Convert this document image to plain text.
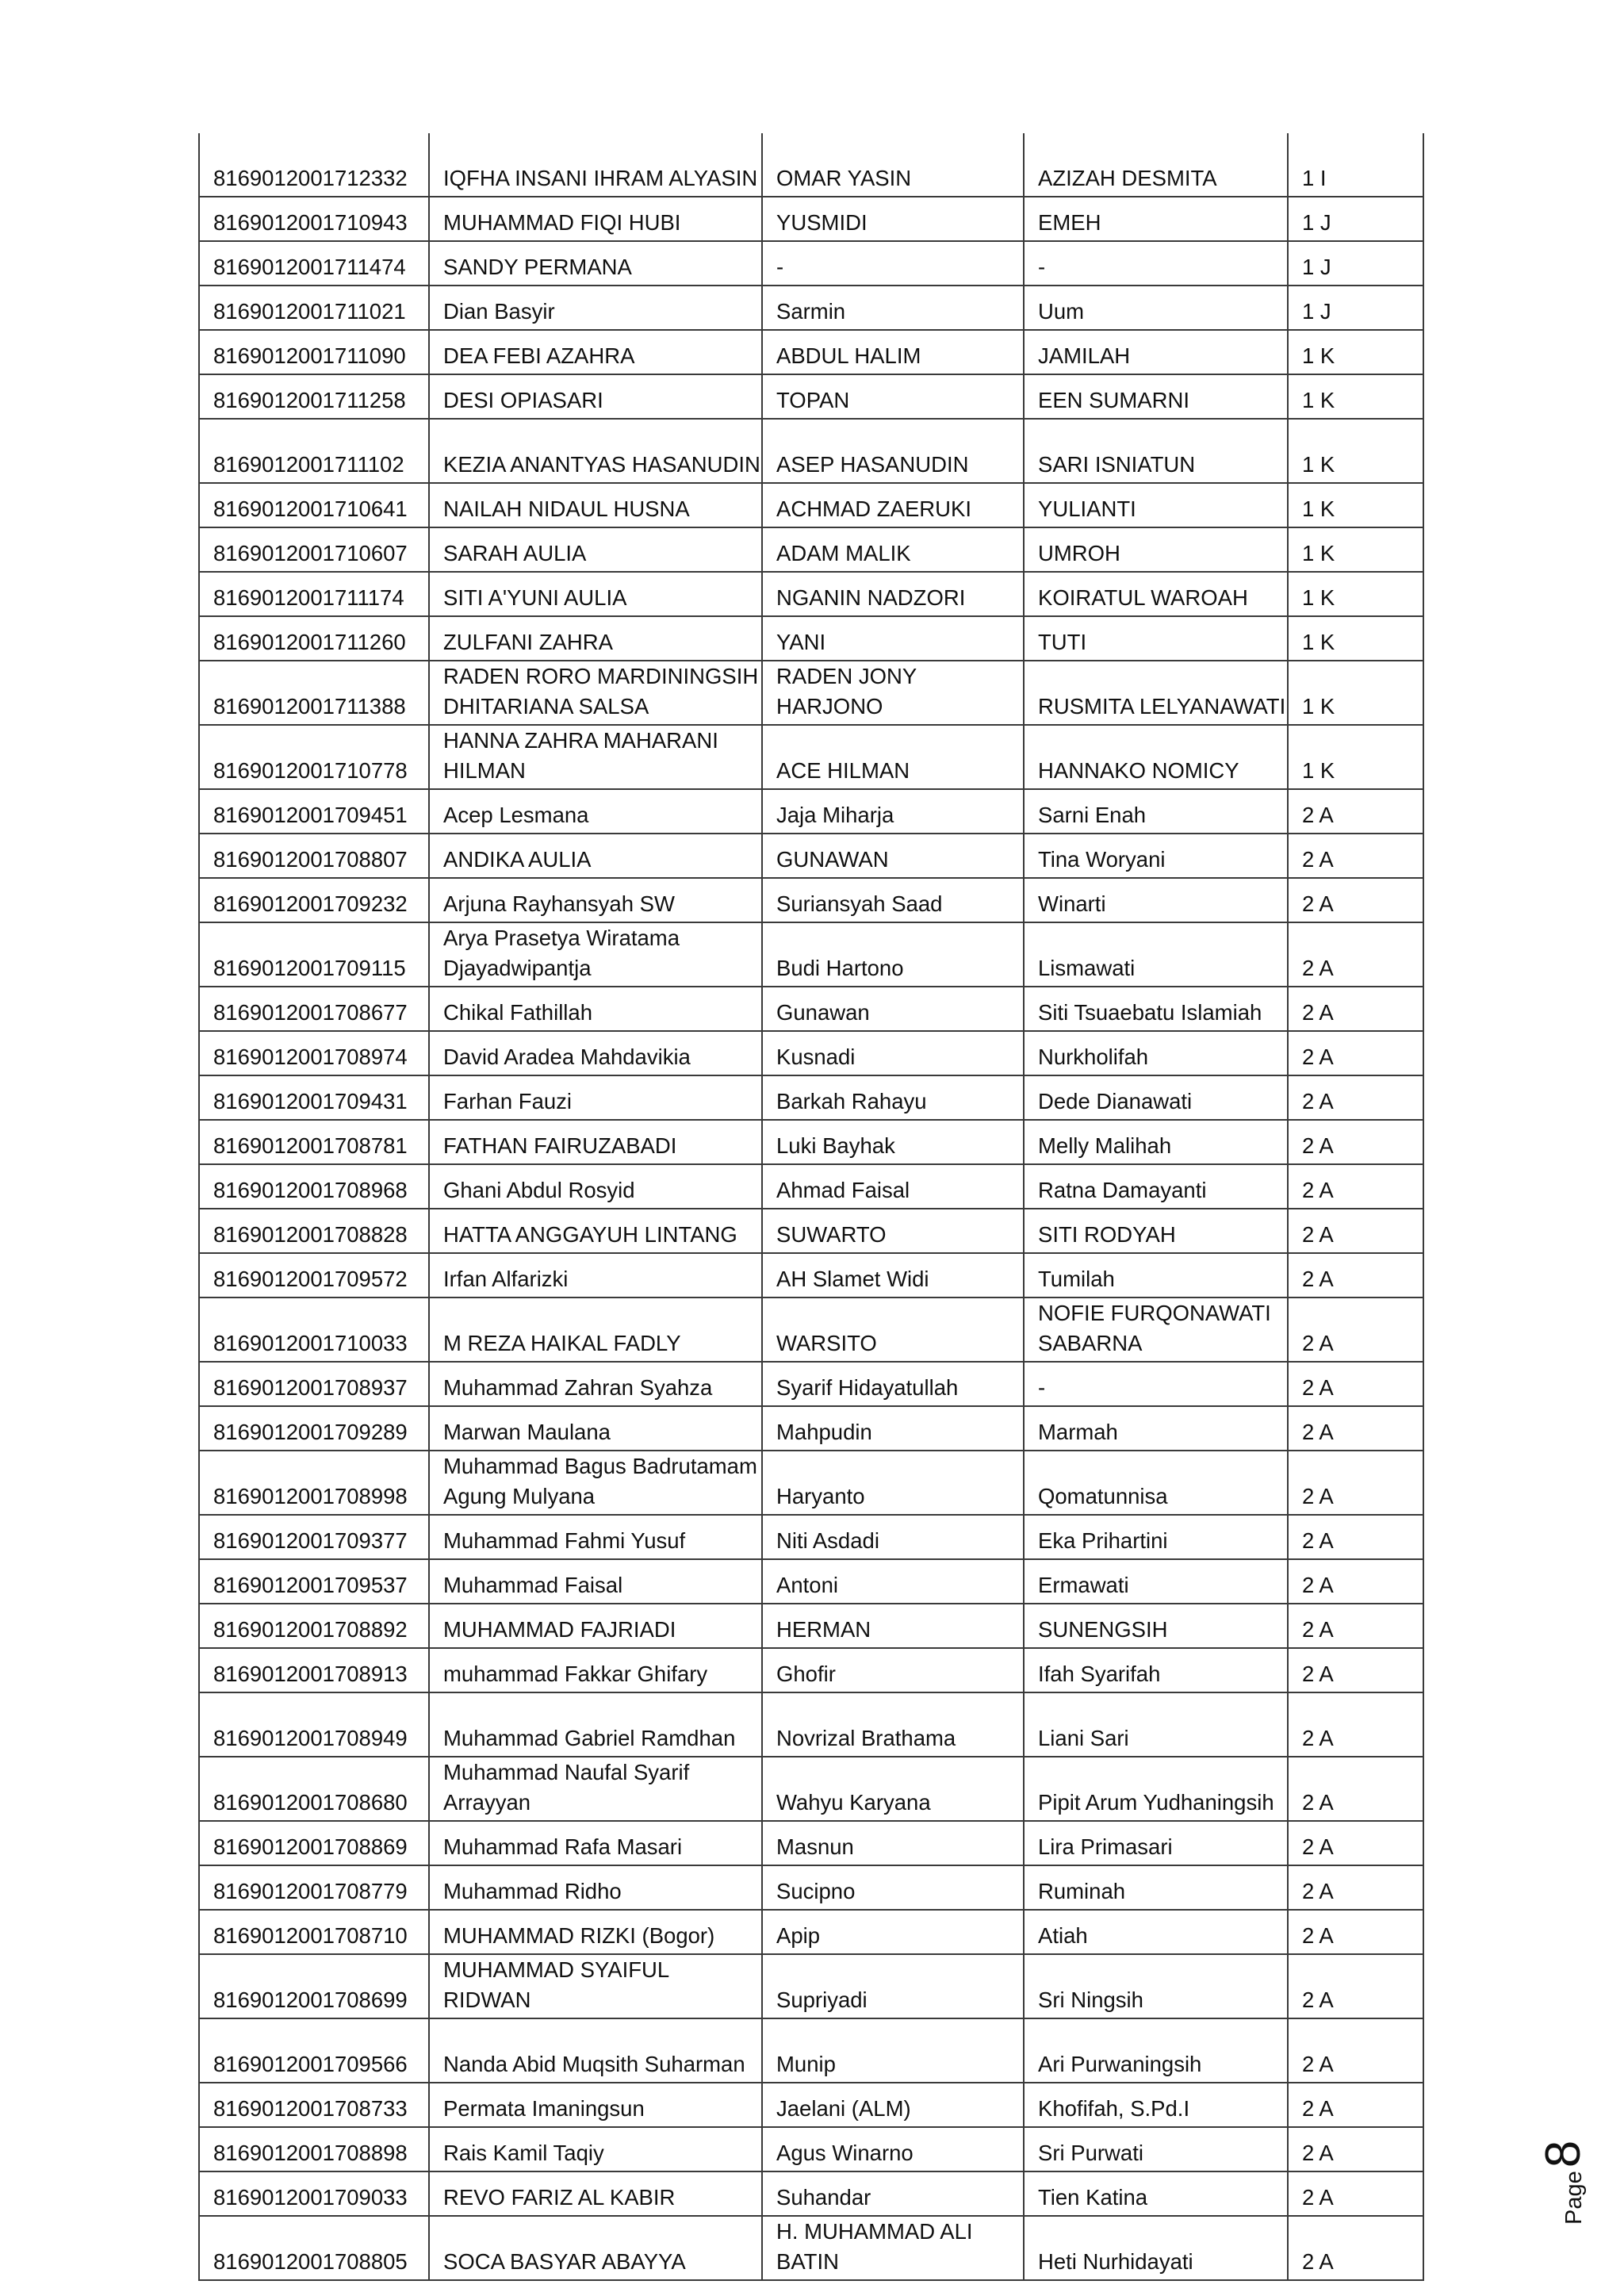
8169012001712332	IQFHA INSANI IHRAM ALYASIN	OMAR YASIN	AZIZAH DESMITA	1 I
8169012001710943	MUHAMMAD FIQI HUBI	YUSMIDI	EMEH	1 J
8169012001711474	SANDY PERMANA	-	-	1 J
8169012001711021	Dian Basyir	Sarmin	Uum	1 J
8169012001711090	DEA FEBI AZAHRA	ABDUL HALIM	JAMILAH	1 K
8169012001711258	DESI OPIASARI	TOPAN	EEN SUMARNI	1 K
8169012001711102	KEZIA ANANTYAS HASANUDIN	ASEP HASANUDIN	SARI ISNIATUN	1 K
8169012001710641	NAILAH NIDAUL HUSNA	ACHMAD ZAERUKI	YULIANTI	1 K
8169012001710607	SARAH AULIA	ADAM MALIK	UMROH	1 K
8169012001711174	SITI A'YUNI AULIA	NGANIN NADZORI	KOIRATUL WAROAH	1 K
8169012001711260	ZULFANI ZAHRA	YANI	TUTI	1 K
8169012001711388	RADEN RORO MARDININGSIH DHITARIANA SALSA	RADEN JONY HARJONO	RUSMITA LELYANAWATI	1 K
8169012001710778	HANNA ZAHRA MAHARANI HILMAN	ACE HILMAN	HANNAKO NOMICY	1 K
8169012001709451	Acep Lesmana	Jaja Miharja	Sarni Enah	2 A
8169012001708807	ANDIKA AULIA	GUNAWAN	Tina Woryani	2 A
8169012001709232	Arjuna Rayhansyah SW	Suriansyah Saad	Winarti	2 A
8169012001709115	Arya Prasetya Wiratama Djayadwipantja	Budi Hartono	Lismawati	2 A
8169012001708677	Chikal Fathillah	Gunawan	Siti Tsuaebatu Islamiah	2 A
8169012001708974	David Aradea Mahdavikia	Kusnadi	Nurkholifah	2 A
8169012001709431	Farhan Fauzi	Barkah Rahayu	Dede Dianawati	2 A
8169012001708781	FATHAN FAIRUZABADI	Luki Bayhak	Melly Malihah	2 A
8169012001708968	Ghani Abdul Rosyid	Ahmad Faisal	Ratna Damayanti	2 A
8169012001708828	HATTA ANGGAYUH LINTANG	SUWARTO	SITI RODYAH	2 A
8169012001709572	Irfan Alfarizki	AH Slamet Widi	Tumilah	2 A
8169012001710033	M REZA HAIKAL FADLY	WARSITO	NOFIE FURQONAWATI SABARNA	2 A
8169012001708937	Muhammad Zahran Syahza	Syarif Hidayatullah	-	2 A
8169012001709289	Marwan Maulana	Mahpudin	Marmah	2 A
8169012001708998	Muhammad Bagus Badrutamam Agung Mulyana	Haryanto	Qomatunnisa	2 A
8169012001709377	Muhammad Fahmi Yusuf	Niti Asdadi	Eka Prihartini	2 A
8169012001709537	Muhammad Faisal	Antoni	Ermawati	2 A
8169012001708892	MUHAMMAD FAJRIADI	HERMAN	SUNENGSIH	2 A
8169012001708913	muhammad Fakkar Ghifary	Ghofir	Ifah Syarifah	2 A
8169012001708949	Muhammad Gabriel Ramdhan	Novrizal Brathama	Liani Sari	2 A
8169012001708680	Muhammad Naufal Syarif Arrayyan	Wahyu Karyana	Pipit Arum Yudhaningsih	2 A
8169012001708869	Muhammad Rafa Masari	Masnun	Lira Primasari	2 A
8169012001708779	Muhammad Ridho	Sucipno	Ruminah	2 A
8169012001708710	MUHAMMAD RIZKI (Bogor)	Apip	Atiah	2 A
8169012001708699	MUHAMMAD SYAIFUL RIDWAN	Supriyadi	Sri Ningsih	2 A
8169012001709566	Nanda Abid Muqsith Suharman	Munip	Ari Purwaningsih	2 A
8169012001708733	Permata Imaningsun	Jaelani (ALM)	Khofifah, S.Pd.I	2 A
8169012001708898	Rais Kamil Taqiy	Agus Winarno	Sri Purwati	2 A
8169012001709033	REVO FARIZ AL KABIR	Suhandar	Tien Katina	2 A
8169012001708805	SOCA BASYAR ABAYYA	H. MUHAMMAD ALI BATIN	Heti Nurhidayati	2 A
Page
8
